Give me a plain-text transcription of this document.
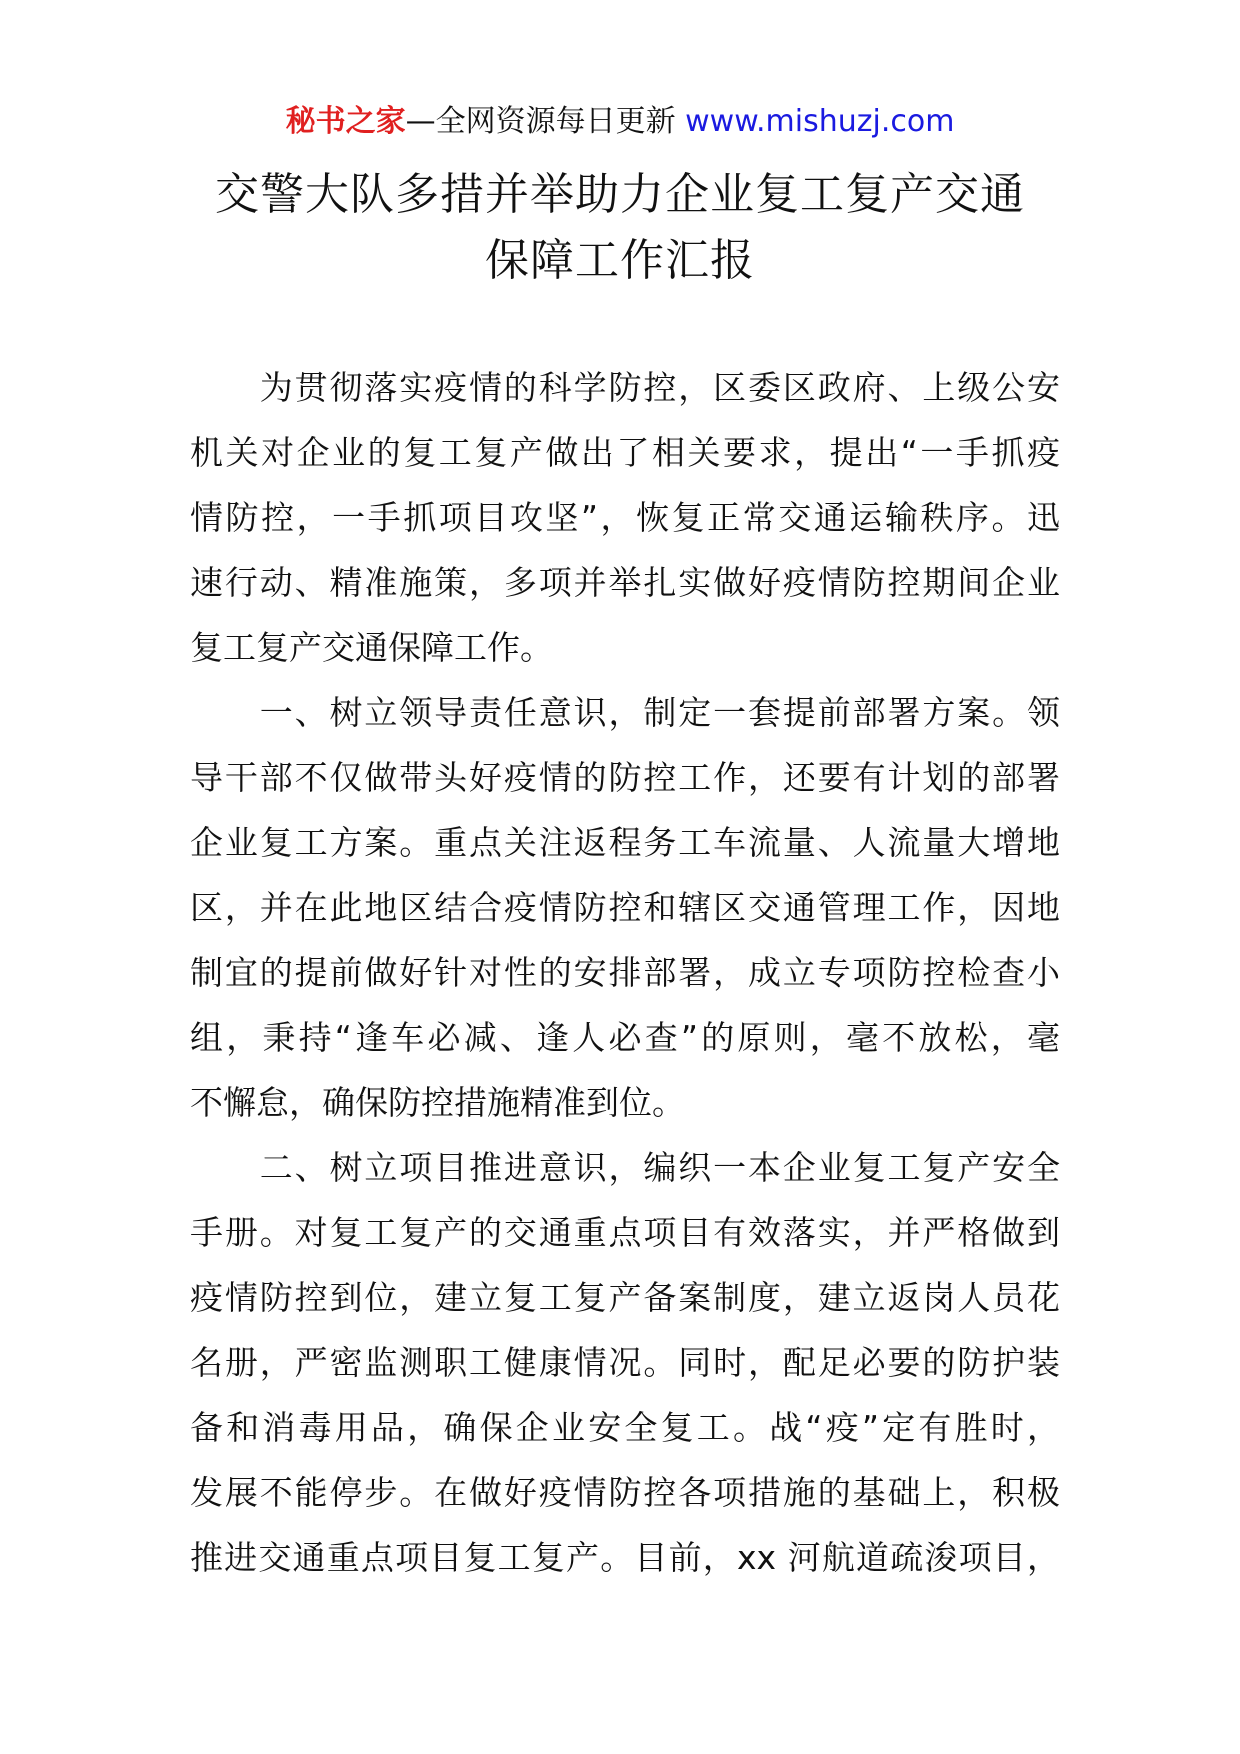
秘书之家—全网资源每日更新 www.mishuzj.com
交警大队多措并举助力企业复工复产交通
保障工作汇报
　　为贯彻落实疫情的科学防控，区委区政府、上级公安
机关对企业的复工复产做出了相关要求，提出“一手抓疫
情防控，一手抓项目攻坚”，恢复正常交通运输秩序。迅
速行动、精准施策，多项并举扎实做好疫情防控期间企业
复工复产交通保障工作。
　　一、树立领导责任意识，制定一套提前部署方案。领
导干部不仅做带头好疫情的防控工作，还要有计划的部署
企业复工方案。重点关注返程务工车流量、人流量大增地
区，并在此地区结合疫情防控和辖区交通管理工作，因地
制宜的提前做好针对性的安排部署，成立专项防控检查小
组，秉持“逢车必减、逢人必查”的原则，毫不放松，毫
不懈怠，确保防控措施精准到位。
　　二、树立项目推进意识，编织一本企业复工复产安全
手册。对复工复产的交通重点项目有效落实，并严格做到
疫情防控到位，建立复工复产备案制度，建立返岗人员花
名册，严密监测职工健康情况。同时，配足必要的防护装
备和消毒用品，确保企业安全复工。战“疫”定有胜时，
发展不能停步。在做好疫情防控各项措施的基础上，积极
推进交通重点项目复工复产。目前，xx 河航道疏浚项目，
